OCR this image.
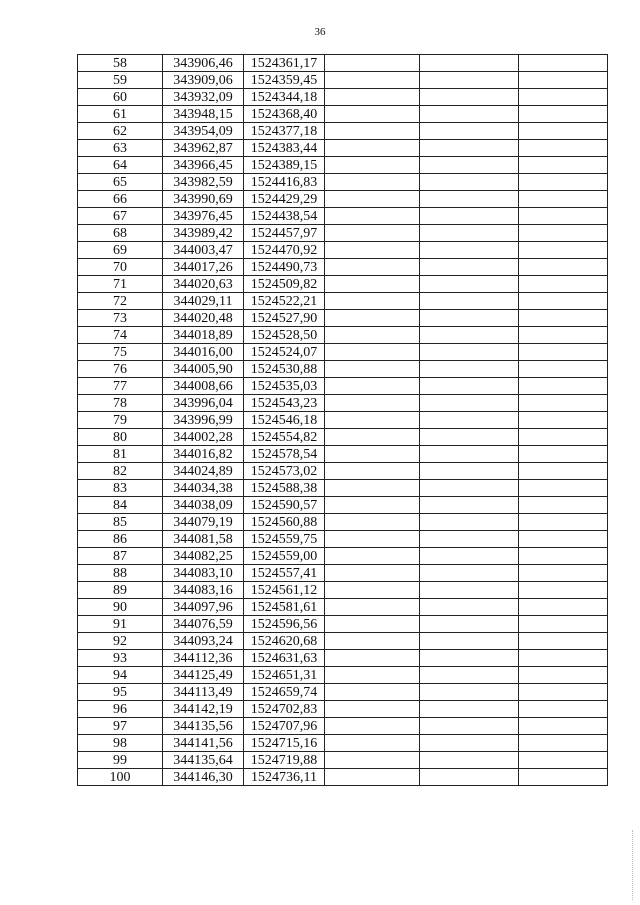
36
58	343906,46	1524361,17			
59	343909,06	1524359,45			
60	343932,09	1524344,18			
61	343948,15	1524368,40			
62	343954,09	1524377,18			
63	343962,87	1524383,44			
64	343966,45	1524389,15			
65	343982,59	1524416,83			
66	343990,69	1524429,29			
67	343976,45	1524438,54			
68	343989,42	1524457,97			
69	344003,47	1524470,92			
70	344017,26	1524490,73			
71	344020,63	1524509,82			
72	344029,11	1524522,21			
73	344020,48	1524527,90			
74	344018,89	1524528,50			
75	344016,00	1524524,07			
76	344005,90	1524530,88			
77	344008,66	1524535,03			
78	343996,04	1524543,23			
79	343996,99	1524546,18			
80	344002,28	1524554,82			
81	344016,82	1524578,54			
82	344024,89	1524573,02			
83	344034,38	1524588,38			
84	344038,09	1524590,57			
85	344079,19	1524560,88			
86	344081,58	1524559,75			
87	344082,25	1524559,00			
88	344083,10	1524557,41			
89	344083,16	1524561,12			
90	344097,96	1524581,61			
91	344076,59	1524596,56			
92	344093,24	1524620,68			
93	344112,36	1524631,63			
94	344125,49	1524651,31			
95	344113,49	1524659,74			
96	344142,19	1524702,83			
97	344135,56	1524707,96			
98	344141,56	1524715,16			
99	344135,64	1524719,88			
100	344146,30	1524736,11			
